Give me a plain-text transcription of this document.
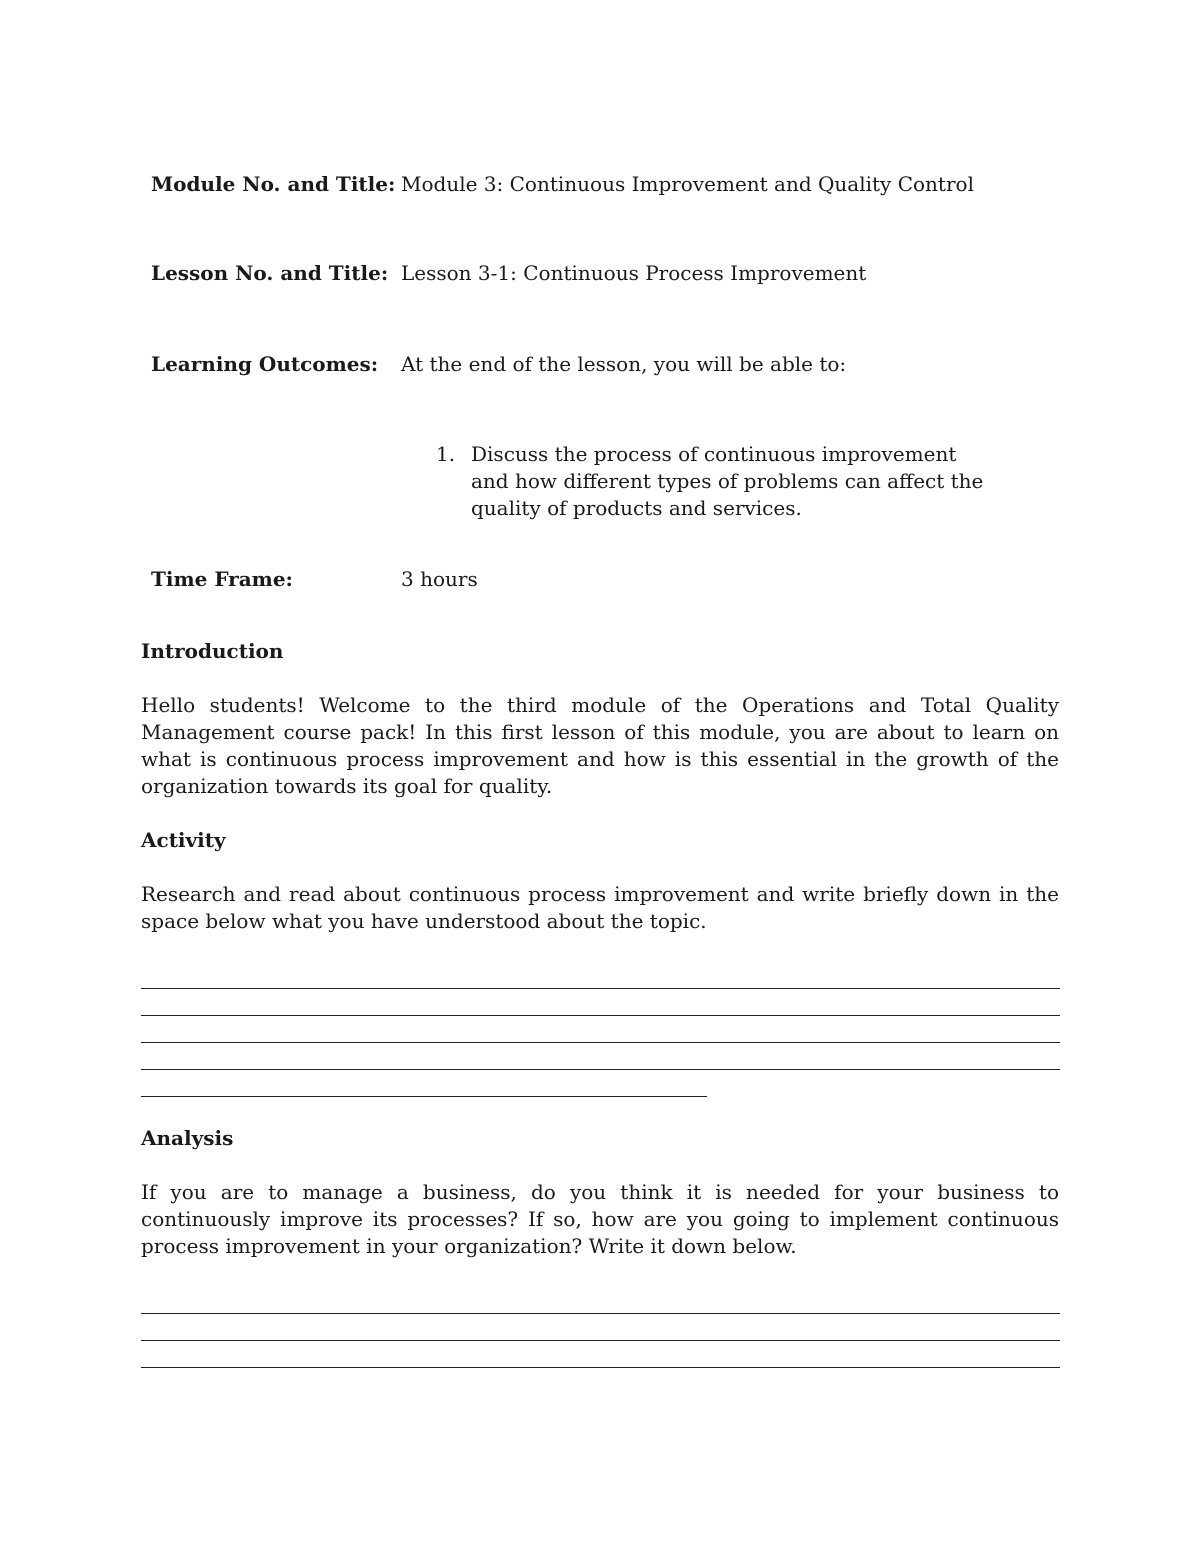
Module No. and Title: Module 3: Continuous Improvement and Quality Control
Lesson No. and Title: Lesson 3-1: Continuous Process Improvement
Learning Outcomes: At the end of the lesson, you will be able to:
1. Discuss the process of continuous improvement and how different types of problems can affect the quality of products and services.
Time Frame:	3 hours
Introduction
Hello students! Welcome to the third module of the Operations and Total Quality Management course pack! In this first lesson of this module, you are about to learn on what is continuous process improvement and how is this essential in the growth of the organization towards its goal for quality.
Activity
Research and read about continuous process improvement and write briefly down in the space below what you have understood about the topic.
Analysis
If you are to manage a business, do you think it is needed for your business to continuously improve its processes? If so, how are you going to implement continuous process improvement in your organization? Write it down below.
